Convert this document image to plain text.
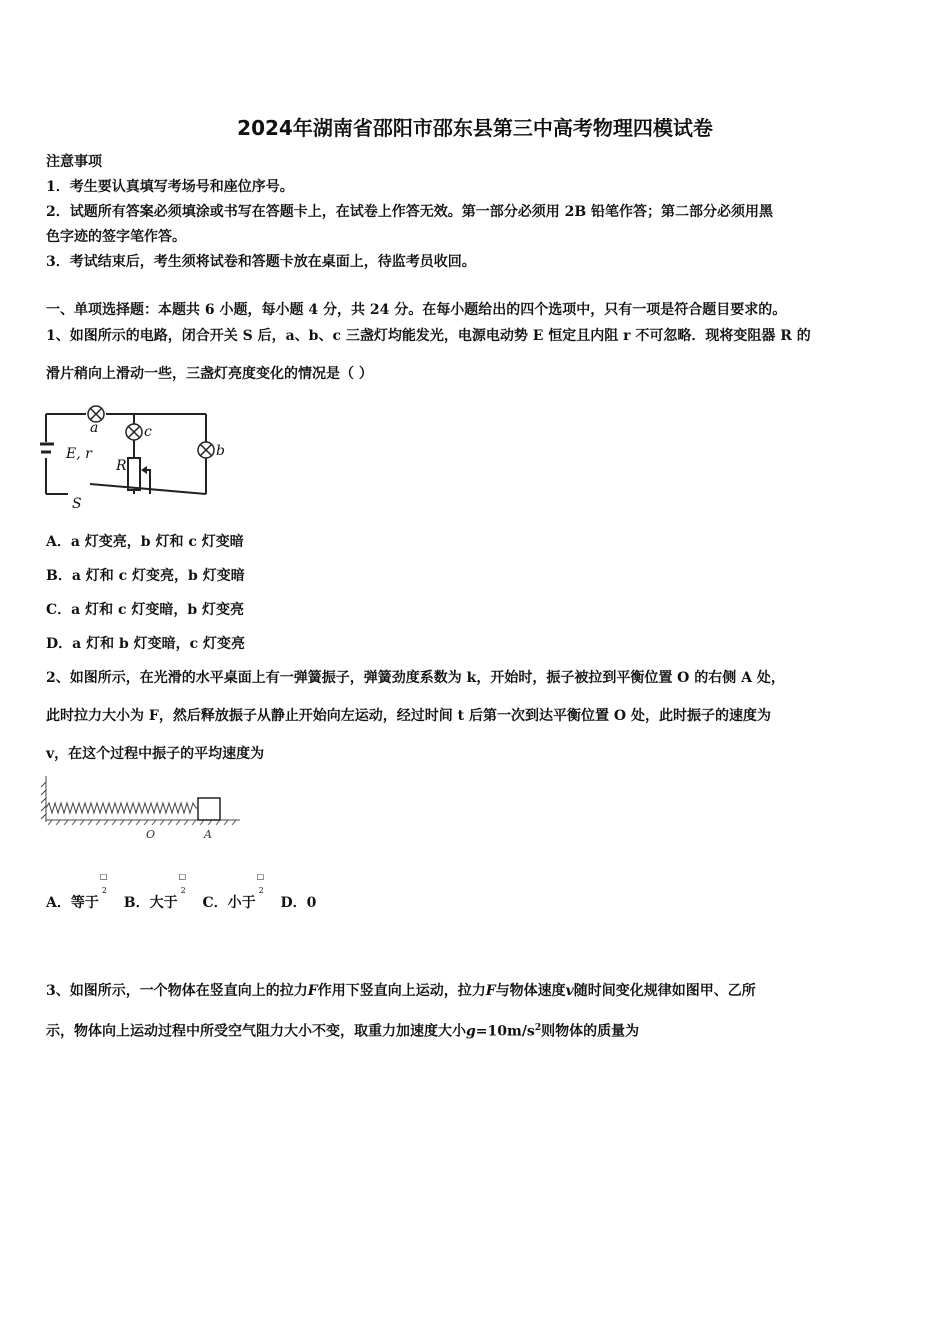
2024年湖南省邵阳市邵东县第三中高考物理四模试卷
注意事项
1．考生要认真填写考场号和座位序号。
2．试题所有答案必须填涂或书写在答题卡上，在试卷上作答无效。第一部分必须用 2B 铅笔作答；第二部分必须用黑
色字迹的签字笔作答。
3．考试结束后，考生须将试卷和答题卡放在桌面上，待监考员收回。
一、单项选择题：本题共 6 小题，每小题 4 分，共 24 分。在每小题给出的四个选项中，只有一项是符合题目要求的。
1、如图所示的电路，闭合开关 S 后，a、b、c 三盏灯均能发光，电源电动势 E 恒定且内阻 r 不可忽略．现将变阻器 R 的
滑片稍向上滑动一些，三盏灯亮度变化的情况是（ ）
a	c
b
E, r
R
S
A．a 灯变亮，b 灯和 c 灯变暗
B．a 灯和 c 灯变亮，b 灯变暗
C．a 灯和 c 灯变暗，b 灯变亮
D．a 灯和 b 灯变暗，c 灯变亮
2、如图所示，在光滑的水平桌面上有一弹簧振子，弹簧劲度系数为 k，开始时，振子被拉到平衡位置 O 的右侧 A 处，
此时拉力大小为 F，然后释放振子从静止开始向左运动，经过时间 t 后第一次到达平衡位置 O 处，此时振子的速度为
v，在这个过程中振子的平均速度为
O	A
A．等于
□
2
B．大于
□
2
C．小于
□
2
D．0
3、如图所示，一个物体在竖直向上的拉力F作用下竖直向上运动，拉力F与物体速度v随时间变化规律如图甲、乙所
示，物体向上运动过程中所受空气阻力大小不变，取重力加速度大小$g=10m/s^2$则物体的质量为
